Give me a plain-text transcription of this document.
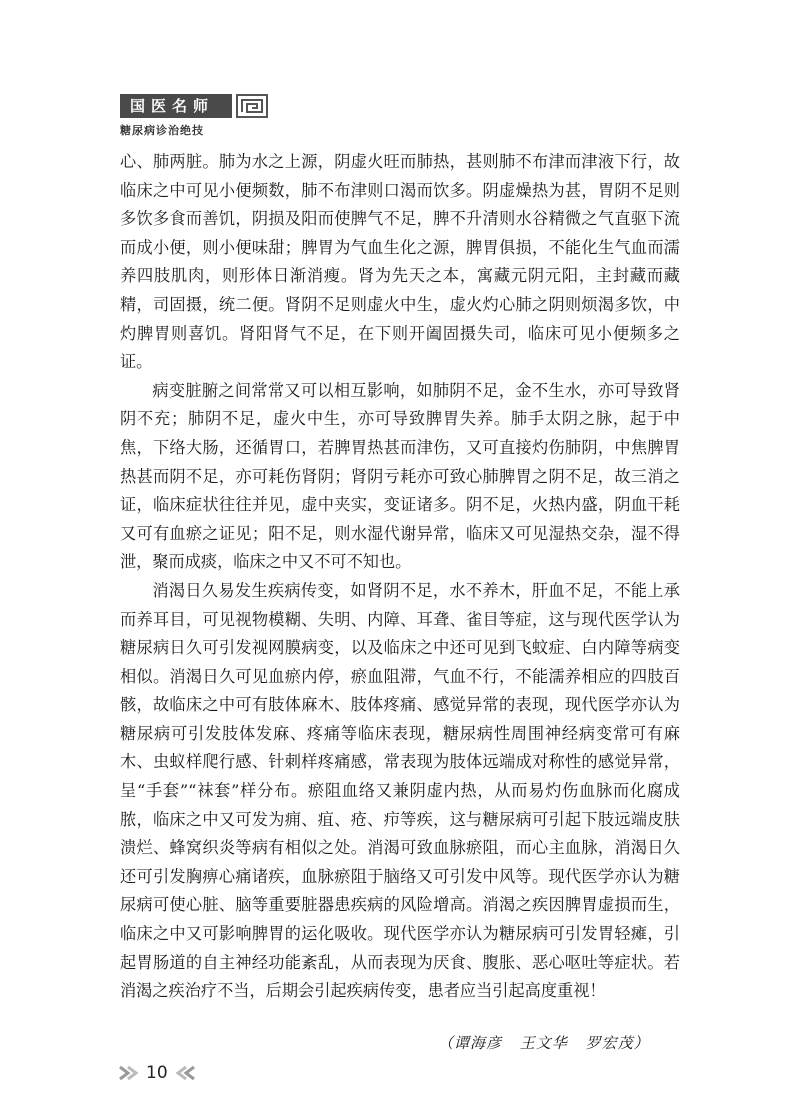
国医名师
糖尿病诊治绝技

心、肺两脏。肺为水之上源，阴虚火旺而肺热，甚则肺不布津而津液下行，故临床之中可见小便频数，肺不布津则口渴而饮多。阴虚燥热为甚，胃阴不足则多饮多食而善饥，阴损及阳而使脾气不足，脾不升清则水谷精微之气直驱下流而成小便，则小便味甜；脾胃为气血生化之源，脾胃俱损，不能化生气血而濡养四肢肌肉，则形体日渐消瘦。肾为先天之本，寓藏元阴元阳，主封藏而藏精，司固摄，统二便。肾阴不足则虚火中生，虚火灼心肺之阴则烦渴多饮，中灼脾胃则喜饥。肾阳肾气不足，在下则开阖固摄失司，临床可见小便频多之证。

病变脏腑之间常常又可以相互影响，如肺阴不足，金不生水，亦可导致肾阴不充；肺阴不足，虚火中生，亦可导致脾胃失养。肺手太阴之脉，起于中焦，下络大肠，还循胃口，若脾胃热甚而津伤，又可直接灼伤肺阴，中焦脾胃热甚而阴不足，亦可耗伤肾阴；肾阴亏耗亦可致心肺脾胃之阴不足，故三消之证，临床症状往往并见，虚中夹实，变证诸多。阴不足，火热内盛，阴血干耗又可有血瘀之证见；阳不足，则水湿代谢异常，临床又可见湿热交杂，湿不得泄，聚而成痰，临床之中又不可不知也。

消渴日久易发生疾病传变，如肾阴不足，水不养木，肝血不足，不能上承而养耳目，可见视物模糊、失明、内障、耳聋、雀目等症，这与现代医学认为糖尿病日久可引发视网膜病变，以及临床之中还可见到飞蚊症、白内障等病变相似。消渴日久可见血瘀内停，瘀血阻滞，气血不行，不能濡养相应的四肢百骸，故临床之中可有肢体麻木、肢体疼痛、感觉异常的表现，现代医学亦认为糖尿病可引发肢体发麻、疼痛等临床表现，糖尿病性周围神经病变常可有麻木、虫蚁样爬行感、针刺样疼痛感，常表现为肢体远端成对称性的感觉异常，呈“手套”“袜套”样分布。瘀阻血络又兼阴虚内热，从而易灼伤血脉而化腐成脓，临床之中又可发为痈、疽、疮、疖等疾，这与糖尿病可引起下肢远端皮肤溃烂、蜂窝织炎等病有相似之处。消渴可致血脉瘀阻，而心主血脉，消渴日久还可引发胸痹心痛诸疾，血脉瘀阻于脑络又可引发中风等。现代医学亦认为糖尿病可使心脏、脑等重要脏器患疾病的风险增高。消渴之疾因脾胃虚损而生，临床之中又可影响脾胃的运化吸收。现代医学亦认为糖尿病可引发胃轻瘫，引起胃肠道的自主神经功能紊乱，从而表现为厌食、腹胀、恶心呕吐等症状。若消渴之疾治疗不当，后期会引起疾病传变，患者应当引起高度重视！

（谭海彦 王文华 罗宏茂）
10
